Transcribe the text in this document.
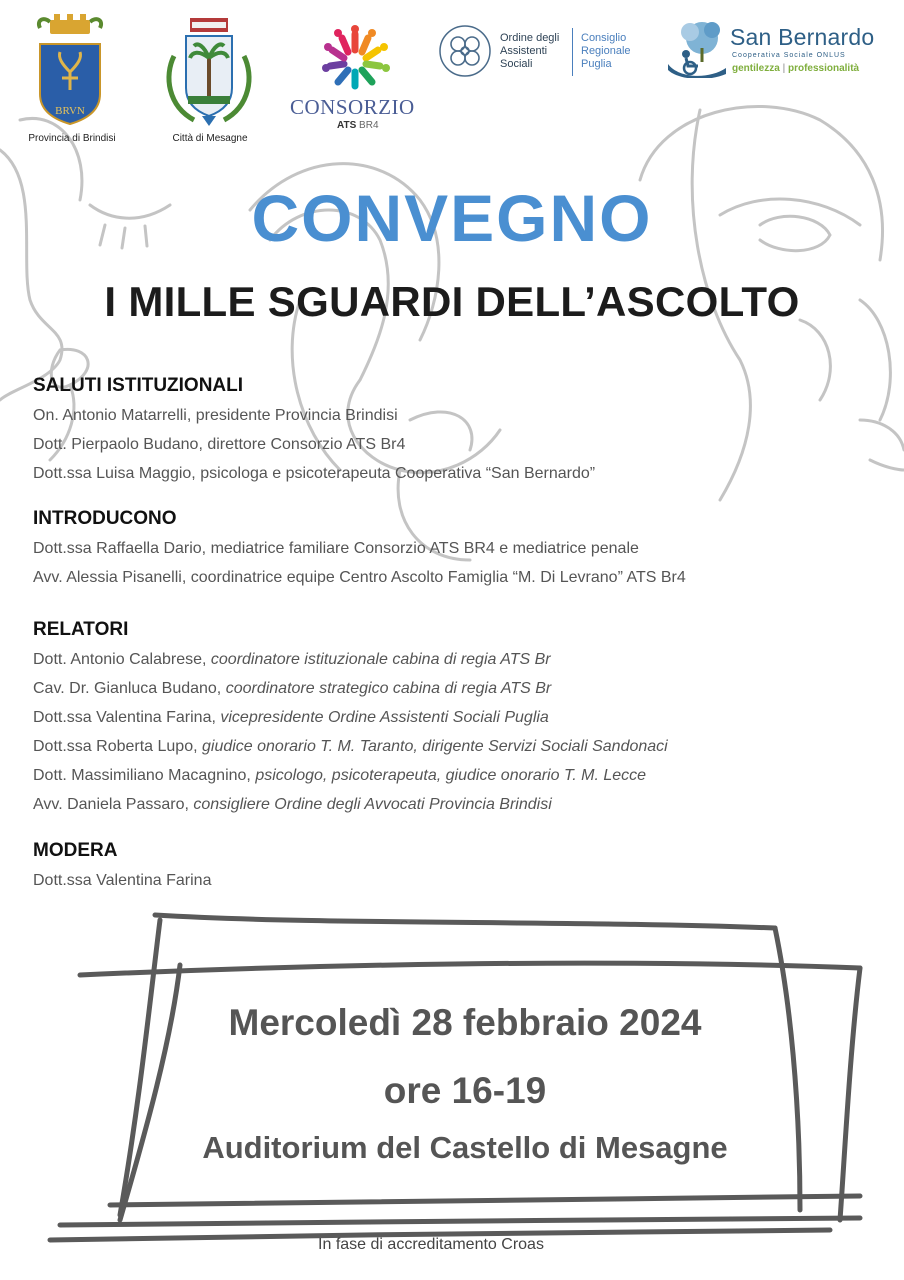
BRVN
Provincia di Brindisi	Città di Mesagne
CONSORZIO
ATS BR4
Ordine degli
Assistenti
Sociali
Consiglio
Regionale
Puglia
San Bernardo
Cooperativa Sociale ONLUS
gentilezza | professionalità
CONVEGNO
I MILLE SGUARDI DELL’ASCOLTO
SALUTI ISTITUZIONALI
On. Antonio Matarrelli, presidente Provincia Brindisi
Dott. Pierpaolo Budano, direttore Consorzio ATS Br4
Dott.ssa Luisa Maggio, psicologa e psicoterapeuta Cooperativa “San Bernardo”
INTRODUCONO
Dott.ssa Raffaella Dario, mediatrice familiare Consorzio ATS BR4 e mediatrice penale
Avv. Alessia Pisanelli, coordinatrice equipe Centro Ascolto Famiglia “M. Di Levrano” ATS Br4
RELATORI
Dott. Antonio Calabrese, coordinatore istituzionale cabina di regia ATS Br
Cav. Dr. Gianluca Budano, coordinatore strategico cabina di regia ATS Br
Dott.ssa Valentina Farina, vicepresidente Ordine Assistenti Sociali Puglia
Dott.ssa Roberta Lupo, giudice onorario T. M. Taranto, dirigente Servizi Sociali Sandonaci
Dott. Massimiliano Macagnino, psicologo, psicoterapeuta, giudice onorario T. M. Lecce
Avv. Daniela Passaro, consigliere Ordine degli Avvocati Provincia Brindisi
MODERA
Dott.ssa Valentina Farina
Mercoledì 28 febbraio 2024
ore 16-19
Auditorium del Castello di Mesagne
In fase di accreditamento Croas
